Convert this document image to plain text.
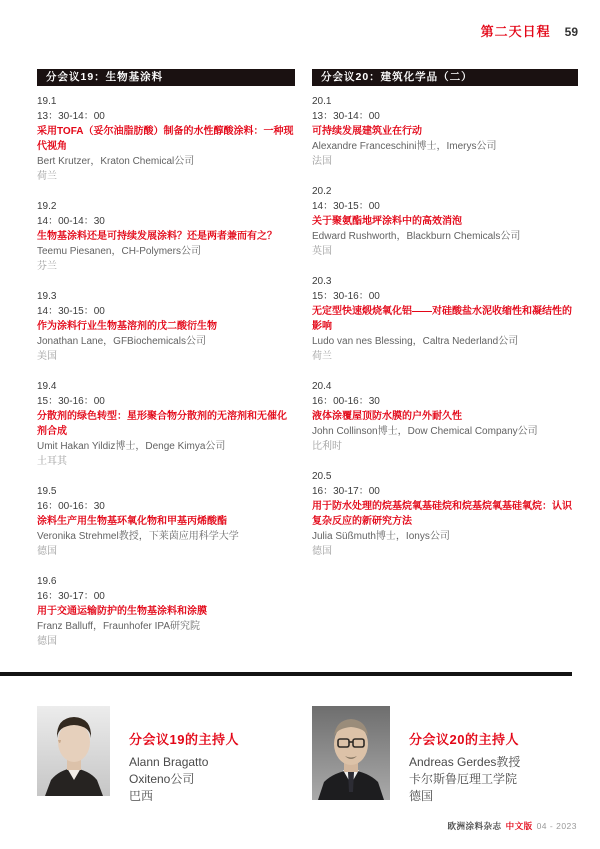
第二天日程 59
分会议19：生物基涂料
19.1
13：30-14：00
采用TOFA（妥尔油脂肪酸）制备的水性醇酸涂料：一种现代视角
Bert Krutzer，Kraton Chemical公司
荷兰
19.2
14：00-14：30
生物基涂料还是可持续发展涂料？还是两者兼而有之？
Teemu Piesanen，CH-Polymers公司
芬兰
19.3
14：30-15：00
作为涂料行业生物基溶剂的戊二酸衍生物
Jonathan Lane，GFBiochemicals公司
美国
19.4
15：30-16：00
分散剂的绿色转型：星形聚合物分散剂的无溶剂和无催化剂合成
Umit Hakan Yildiz博士，Denge Kimya公司
土耳其
19.5
16：00-16：30
涂料生产用生物基环氧化物和甲基丙烯酸酯
Veronika Strehmel教授，下莱茵应用科学大学
德国
19.6
16：30-17：00
用于交通运输防护的生物基涂料和涂膜
Franz Balluff，Fraunhofer IPA研究院
德国
分会议20：建筑化学品（二）
20.1
13：30-14：00
可持续发展建筑业在行动
Alexandre Franceschini博士，Imerys公司
法国
20.2
14：30-15：00
关于聚氨酯地坪涂料中的高效消泡
Edward Rushworth，Blackburn Chemicals公司
英国
20.3
15：30-16：00
无定型快速煅烧氧化铝——对硅酸盐水泥收缩性和凝结性的影响
Ludo van nes Blessing，Caltra Nederland公司
荷兰
20.4
16：00-16：30
液体涂覆屋顶防水膜的户外耐久性
John Collinson博士，Dow Chemical Company公司
比利时
20.5
16：30-17：00
用于防水处理的烷基烷氧基硅烷和烷基烷氧基硅氧烷：认识复杂反应的新研究方法
Julia Süßmuth博士，Ionys公司
德国
分会议19的主持人
Alann Bragatto
Oxiteno公司
巴西
分会议20的主持人
Andreas Gerdes教授
卡尔斯鲁厄理工学院
德国
欧洲涂料杂志 中文版 04 - 2023
